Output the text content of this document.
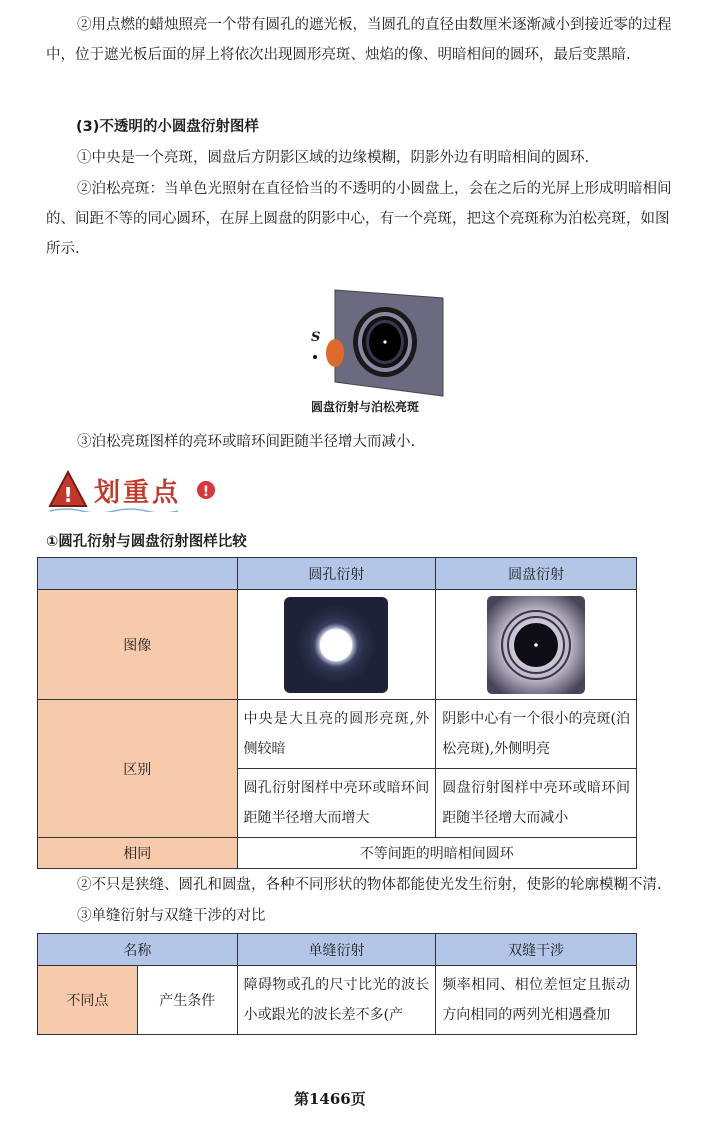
②用点燃的蜡烛照亮一个带有圆孔的遮光板，当圆孔的直径由数厘米逐渐减小到接近零的过程中，位于遮光板后面的屏上将依次出现圆形亮斑、烛焰的像、明暗相间的圆环，最后变黑暗.

(3)不透明的小圆盘衍射图样

①中央是一个亮斑，圆盘后方阴影区域的边缘模糊，阴影外边有明暗相间的圆环.

②泊松亮斑：当单色光照射在直径恰当的不透明的小圆盘上，会在之后的光屏上形成明暗相间的、间距不等的同心圆环，在屏上圆盘的阴影中心，有一个亮斑，把这个亮斑称为泊松亮斑，如图所示.

S
圆盘衍射与泊松亮斑

③泊松亮斑图样的亮环或暗环间距随半径增大而减小.

!	!
划重点
①圆孔衍射与圆盘衍射图样比较
	圆孔衍射	圆盘衍射
图像	

区别	中央是大且亮的圆形亮斑,外侧较暗	阴影中心有一个很小的亮斑(泊松亮斑),外侧明亮
	圆孔衍射图样中亮环或暗环间距随半径增大而增大	圆盘衍射图样中亮环或暗环间距随半径增大而减小
相同	不等间距的明暗相间圆环	

②不只是狭缝、圆孔和圆盘，各种不同形状的物体都能使光发生衍射，使影的轮廓模糊不清.

③单缝衍射与双缝干涉的对比

名称		单缝衍射	双缝干涉
不同点	产生条件	障碍物或孔的尺寸比光的波长小或跟光的波长差不多(产	频率相同、相位差恒定且振动方向相同的两列光相遇叠加
第1466页
